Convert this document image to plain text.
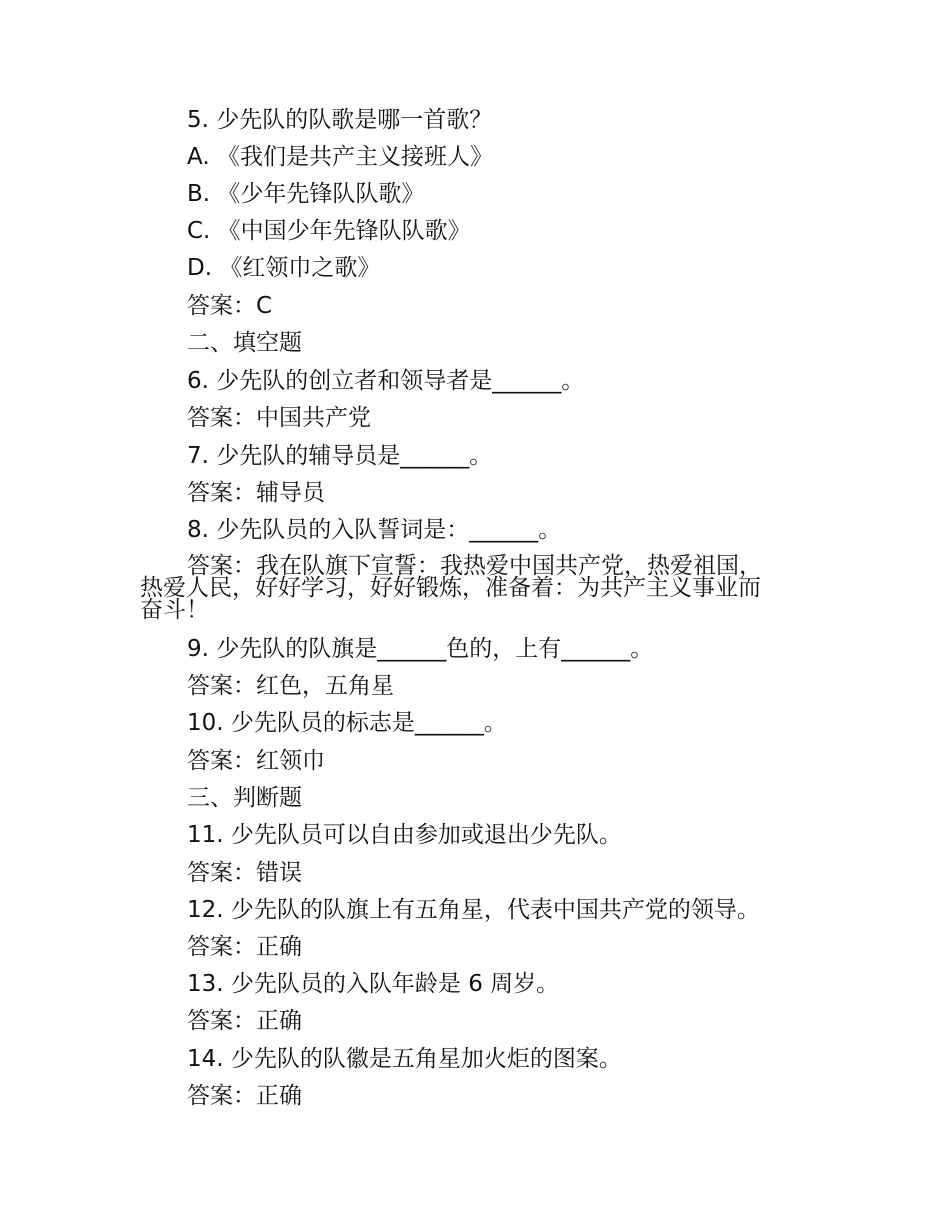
5. 少先队的队歌是哪一首歌？
A. 《我们是共产主义接班人》
B. 《少年先锋队队歌》
C. 《中国少年先锋队队歌》
D. 《红领巾之歌》
答案：C
二、填空题
6. 少先队的创立者和领导者是______。
答案：中国共产党
7. 少先队的辅导员是______。
答案：辅导员
8. 少先队员的入队誓词是：______。
答案：我在队旗下宣誓：我热爱中国共产党，热爱祖国，
热爱人民，好好学习，好好锻炼，准备着：为共产主义事业而
奋斗！
9. 少先队的队旗是______色的，上有______。
答案：红色，五角星
10. 少先队员的标志是______。
答案：红领巾
三、判断题
11. 少先队员可以自由参加或退出少先队。
答案：错误
12. 少先队的队旗上有五角星，代表中国共产党的领导。
答案：正确
13. 少先队员的入队年龄是 6 周岁。
答案：正确
14. 少先队的队徽是五角星加火炬的图案。
答案：正确
